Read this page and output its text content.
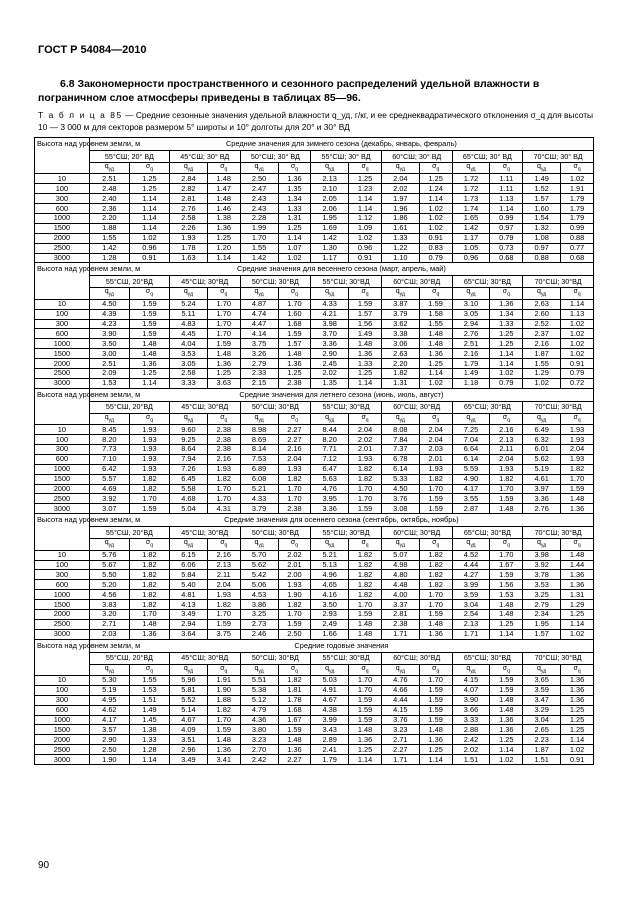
ГОСТ Р 54084—2010
6.8 Закономерности пространственного и сезонного распределений удельной влажности в пограничном слое атмосферы приведены в таблицах 85—96.
Т а б л и ц а 85 — Средние сезонные значения удельной влажности q_уд, г/кг, и ее среднеквадратического отклонения σ_q для высоты 10 — 3 000 м для секторов размером 5° широты и 10° долготы для 20° и 30° ВД
Высота над уровнем земли, м	Средние значения для зимнего сезона (декабрь, январь, февраль)													
	55°СШ; 20° ВД		45°СШ; 30° ВД		50°СШ; 30° ВД		55°СШ; 30° ВД		60°СШ; 30° ВД		65°СШ; 30° ВД		70°СШ; 30° ВД	
	$q_{уд}$	$\sigma_q$	$q_{уд}$	$\sigma_q$	$q_{уд}$	$\sigma_q$	$q_{уд}$	$\sigma_q$	$q_{уд}$	$\sigma_q$	$q_{уд}$	$\sigma_q$	$q_{уд}$	$\sigma_q$
10	2.51	1.25	2.84	1.48	2.50	1.36	2.13	1.25	2.04	1.25	1.72	1.11	1.49	1.02
100	2.48	1.25	2.82	1.47	2.47	1.35	2.10	1.23	2.02	1.24	1.72	1.11	1.52	1.91
300	2.40	1.14	2.81	1.48	2.43	1.34	2.05	1.14	1.97	1.14	1.73	1.13	1.57	1.79
600	2.36	1.14	2.76	1.46	2.43	1.33	2.06	1.14	1.96	1.02	1.74	1.14	1.60	1.79
1000	2.20	1.14	2.58	1.38	2.28	1.31	1.95	1.12	1.86	1.02	1.65	0.99	1.54	1.79
1500	1.88	1.14	2.26	1.36	1.99	1.25	1.69	1.09	1.61	1.02	1.42	0.97	1.32	0.99
2000	1.55	1.02	1.93	1.25	1.70	1.14	1.42	1.02	1.33	0.91	1.17	0.79	1.08	0.88
2500	1.42	0.96	1.78	1.20	1.55	1.07	1.30	0.96	1.22	0.83	1.05	0.73	0.97	0.77
3000	1.28	0.91	1.63	1.14	1.42	1.02	1.17	0.91	1.10	0.79	0.96	0.68	0.88	0.68
Высота над уровнем земли, м	Средние значения для весеннего сезона (март, апрель, май)													
	55°СШ, 20°ВД		45°СШ; 30°ВД		50°СШ; 30°ВД		55°СШ; 30°ВД		60°СШ; 30°ВД		65°СШ; 30°ВД		70°СШ; 30°ВД	
	$q_{уд}$	$\sigma_q$	$q_{уд}$	$\sigma_q$	$q_{уд}$	$\sigma_q$	$q_{уд}$	$\sigma_q$	$q_{уд}$	$\sigma_q$	$q_{уд}$	$\sigma_q$	$q_{уд}$	$\sigma_q$
10	4.50	1.59	5.24	1.70	4.87	1.70	4.33	1.59	3.87	1.59	3.10	1.36	2.63	1.14
100	4.39	1.59	5.11	1.70	4.74	1.60	4.21	1.57	3.79	1.58	3.05	1.34	2.60	1.13
300	4.23	1.59	4.83	1.70	4.47	1.68	3.98	1.56	3.62	1.55	2.94	1.33	2.52	1.02
600	3.90	1.59	4.45	1.70	4.14	1.59	3.70	1.49	3.38	1.48	2.76	1.25	2.37	1.02
1000	3.50	1.48	4.04	1.59	3.75	1.57	3.36	1.48	3.06	1.48	2.51	1.25	2.16	1.02
1500	3.00	1.48	3.53	1.48	3.26	1.48	2.90	1.36	2.63	1.36	2.16	1.14	1.87	1.02
2000	2.51	1.36	3.05	1.36	2.79	1.36	2.45	1.33	2.20	1.25	1.79	1.14	1.55	0.91
2500	2.09	1.25	2.58	1.25	2.33	1.25	2.02	1.25	1.82	1.14	1.49	1.02	1.29	0.79
3000	1.53	1.14	3.33	3.63	2.15	2.38	1.35	1.14	1.31	1.02	1.18	0.79	1.02	0.72
Высота над уровнем земли, м	Средние значения для летнего сезона (июнь, июль, август)													
	55°СШ, 20°ВД		45°СШ; 30°ВД		50°СШ; 30°ВД		55°СШ; 30°ВД		60°СШ; 30°ВД		65°СШ; 30°ВД		70°СШ; 30°ВД	
	$q_{уд}$	$\sigma_q$	$q_{уд}$	$\sigma_q$	$q_{уд}$	$\sigma_q$	$q_{уд}$	$\sigma_q$	$q_{уд}$	$\sigma_q$	$q_{уд}$	$\sigma_q$	$q_{уд}$	$\sigma_q$
10	8.45	1.93	9.60	2.38	8.98	2.27	8.44	2.04	8.08	2.04	7.25	2.16	6.49	1.93
100	8.20	1.93	9.25	2.38	8.69	2.27	8.20	2.02	7.84	2.04	7.04	2.13	6.32	1.93
300	7.73	1.93	8.64	2.38	8.14	2.16	7.71	2.01	7.37	2.03	6.64	2.11	6.01	2.04
600	7.10	1.93	7.94	2.16	7.53	2.04	7.12	1.93	6.78	2.01	6.14	2.04	5.62	1.93
1000	6.42	1.93	7.26	1.93	6.89	1.93	6.47	1.82	6.14	1.93	5.59	1.93	5.19	1.82
1500	5.57	1.82	6.45	1.82	6.08	1.82	5.63	1.82	5.33	1.82	4.90	1.82	4.61	1.70
2000	4.69	1.82	5.58	1.70	5.21	1.70	4.76	1.70	4.50	1.70	4.17	1.70	3.97	1.59
2500	3.92	1.70	4.68	1.70	4.33	1.70	3.95	1.70	3.76	1.59	3.55	1.59	3.36	1.48
3000	3.07	1.59	5.04	4.31	3.79	2.38	3.36	1.59	3.08	1.59	2.87	1.48	2.76	1.36
Высота над уровнем земли, м	Средние значения для осеннего сезона (сентябрь, октябрь, ноябрь)													
	55°СШ, 20°ВД		45°СШ; 30°ВД		50°СШ; 30°ВД		55°СШ; 30°ВД		60°СШ; 30°ВД		65°СШ; 30°ВД		70°СШ; 30°ВД	
	$q_{уд}$	$\sigma_q$	$q_{уд}$	$\sigma_q$	$q_{уд}$	$\sigma_q$	$q_{уд}$	$\sigma_q$	$q_{уд}$	$\sigma_q$	$q_{уд}$	$\sigma_q$	$q_{уд}$	$\sigma_q$
10	5.76	1.82	6.15	2.16	5.70	2.02	5.21	1.82	5.07	1.82	4.52	1.70	3.98	1.48
100	5.67	1.82	6.06	2.13	5.62	2.01	5.13	1.82	4.98	1.82	4.44	1.67	3.92	1.44
300	5.50	1.82	5.84	2.11	5.42	2.00	4.96	1.82	4.80	1.82	4.27	1.59	3.78	1.36
600	5.20	1.82	5.40	2.04	5.06	1.93	4.65	1.82	4.48	1.82	3.99	1.56	3.53	1.36
1000	4.56	1.82	4.81	1.93	4.53	1.90	4.16	1.82	4.00	1.70	3.59	1.53	3.25	1.31
1500	3.83	1.82	4.13	1.82	3.86	1.82	3.50	1.70	3.37	1.70	3.04	1.48	2.79	1.29
2000	3.20	1.70	3.49	1.70	3.25	1.70	2.93	1.59	2.81	1.59	2.54	1.48	2.34	1.25
2500	2.71	1.48	2.94	1.59	2.73	1.59	2.49	1.48	2.38	1.48	2.13	1.25	1.95	1.14
3000	2.03	1.36	3.64	3.75	2.46	2.50	1.66	1.48	1.71	1.36	1.71	1.14	1.57	1.02
Высота над уровнем земли, м	Средние годовые значения													
	55°СШ, 20°ВД		45°СШ; 30°ВД		50°СШ; 30°ВД		55°СШ; 30°ВД		60°СШ; 30°ВД		65°СШ; 30°ВД		70°СШ; 30°ВД	
	$q_{уд}$	$\sigma_q$	$q_{уд}$	$\sigma_q$	$q_{уд}$	$\sigma_q$	$q_{уд}$	$\sigma_q$	$q_{уд}$	$\sigma_q$	$q_{уд}$	$\sigma_q$	$q_{уд}$	$\sigma_q$
10	5.30	1.55	5.96	1.91	5.51	1.82	5.03	1.70	4.76	1.70	4.15	1.59	3.65	1.36
100	5.19	1.53	5.81	1.90	5.38	1.81	4.91	1.70	4.66	1.59	4.07	1.59	3.59	1.36
300	4.95	1.51	5.52	1.88	5.12	1.78	4.67	1.59	4.44	1.59	3.90	1.48	3.47	1.36
600	4.62	1.49	5.14	1.82	4.79	1.68	4.38	1.59	4.15	1.59	3.66	1.48	3.29	1.25
1000	4.17	1.45	4.67	1.70	4.36	1.67	3.99	1.59	3.76	1.59	3.33	1.36	3.04	1.25
1500	3.57	1.38	4.09	1.59	3.80	1.59	3.43	1.48	3.23	1.48	2.88	1.36	2.65	1.25
2000	2.90	1.33	3.51	1.48	3.23	1.48	2.89	1.36	2.71	1.36	2.42	1.25	2.23	1.14
2500	2.50	1.28	2.96	1.36	2.70	1.36	2.41	1.25	2.27	1.25	2.02	1.14	1.87	1.02
3000	1.90	1.14	3.49	3.41	2.42	2.27	1.79	1.14	1.71	1.14	1.51	1.02	1.51	0.91
90
